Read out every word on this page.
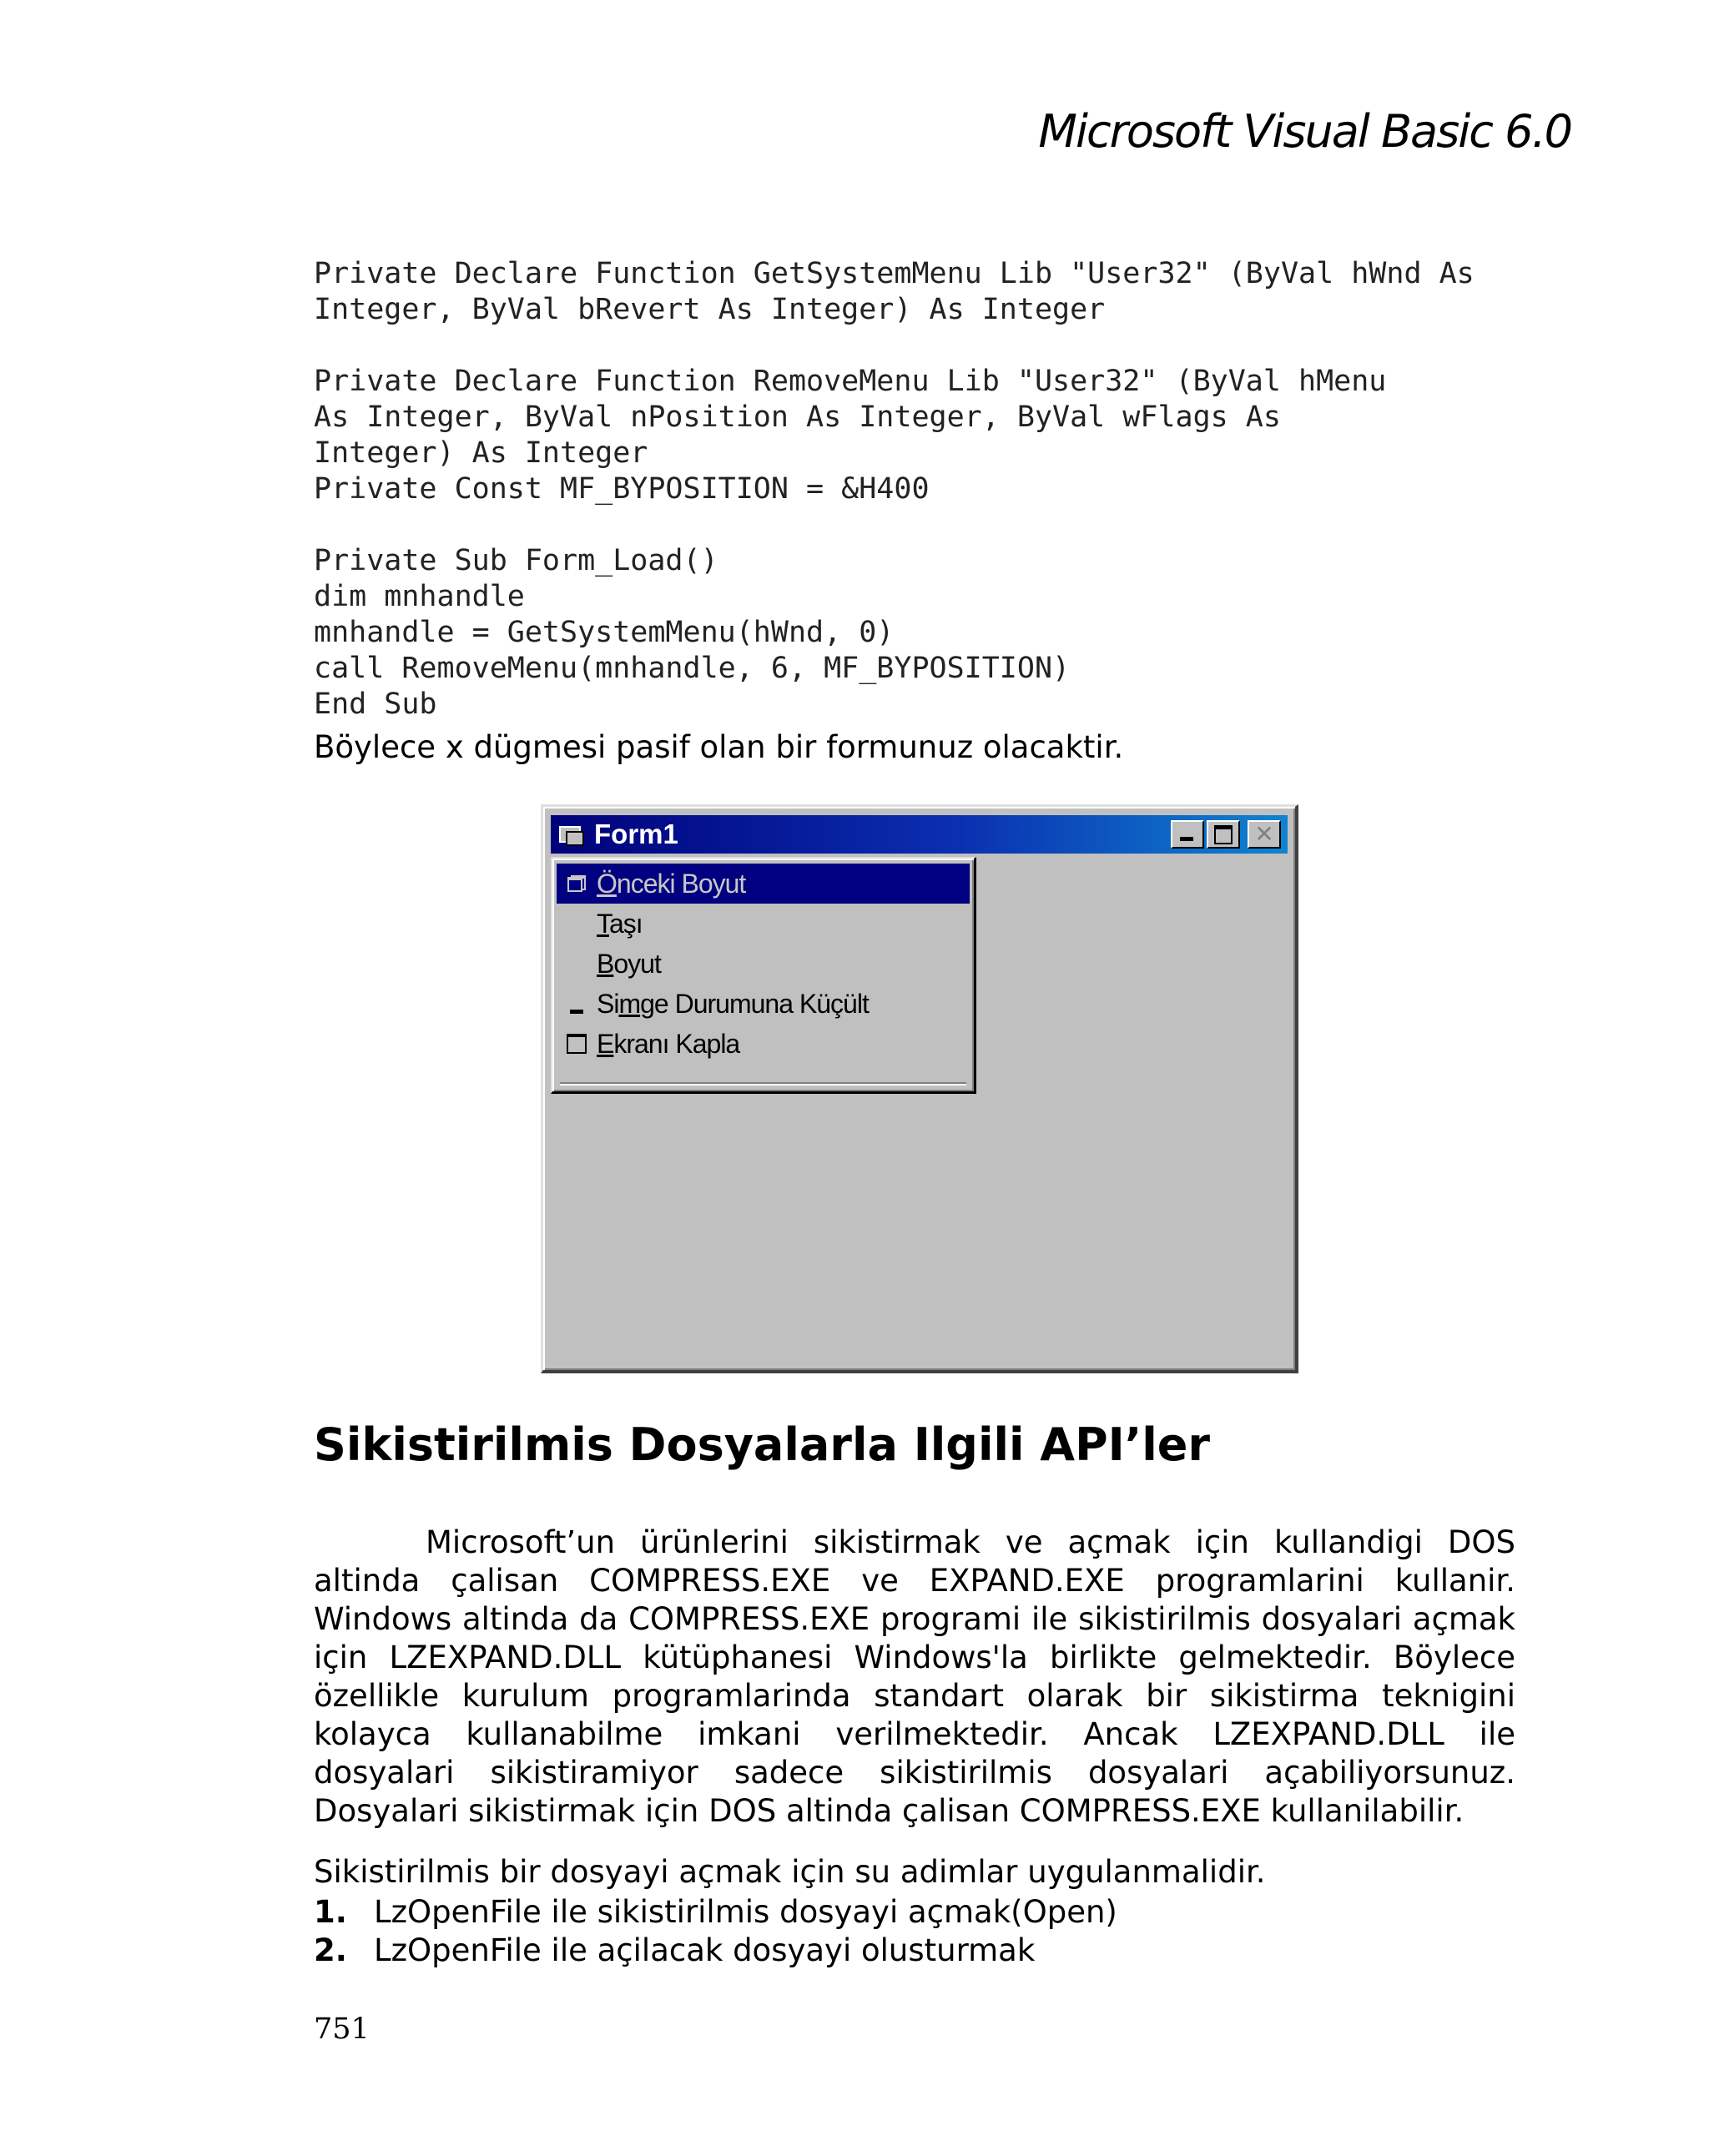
Microsoft Visual Basic 6.0

Private Declare Function GetSystemMenu Lib "User32" (ByVal hWnd As
Integer, ByVal bRevert As Integer) As Integer
Private Declare Function RemoveMenu Lib "User32" (ByVal hMenu
As Integer, ByVal nPosition As Integer, ByVal wFlags As
Integer) As Integer
Private Const MF_BYPOSITION = &H400
Private Sub Form_Load()
dim mnhandle
mnhandle = GetSystemMenu(hWnd, 0)
call RemoveMenu(mnhandle, 6, MF_BYPOSITION)
End Sub

Böylece x dügmesi pasif olan bir formunuz olacaktir.
Form1	✕
Önceki Boyut
Taşı
Boyut
Simge Durumuna Küçült
Ekranı Kapla
Sikistirilmis Dosyalarla Ilgili API’ler
Microsoft’un ürünlerini sikistirmak ve açmak için kullandigi DOS altinda çalisan COMPRESS.EXE ve EXPAND.EXE programlarini kullanir. Windows altinda da COMPRESS.EXE programi ile sikistirilmis dosyalari açmak için LZEXPAND.DLL kütüphanesi Windows'la birlikte gelmektedir. Böylece özellikle kurulum programlarinda standart olarak bir sikistirma teknigini kolayca kullanabilme imkani verilmektedir. Ancak LZEXPAND.DLL ile dosyalari sikistiramiyor sadece sikistirilmis dosyalari açabiliyorsunuz. Dosyalari sikistirmak için DOS altinda çalisan COMPRESS.EXE kullanilabilir.
Sikistirilmis bir dosyayi açmak için su adimlar uygulanmalidir.
1. LzOpenFile ile sikistirilmis dosyayi açmak(Open)
2. LzOpenFile ile açilacak dosyayi olusturmak
751
